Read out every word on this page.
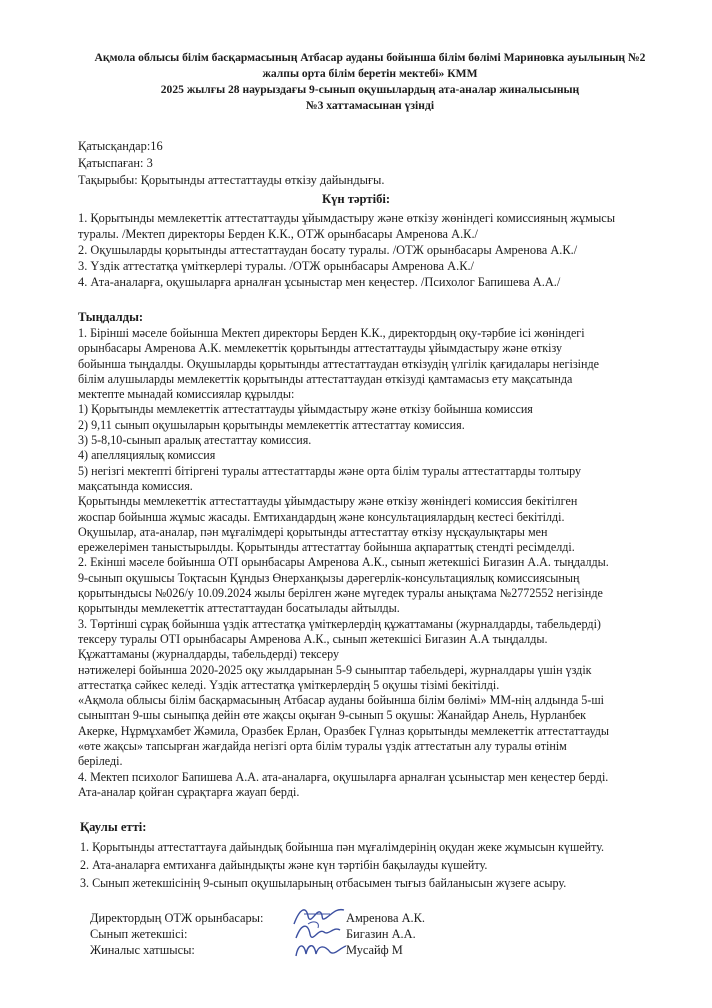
Ақмола облысы білім басқармасының Атбасар ауданы бойынша білім бөлімі Мариновка ауылының №2
жалпы орта білім беретін мектебі» КММ
2025 жылғы 28 наурыздағы 9-сынып оқушылардың ата-аналар жиналысының
№3 хаттамасынан үзінді
Қатысқандар:16
Қатыспаған: 3
Тақырыбы: Қорытынды аттестаттауды өткізу дайындығы.
Күн тәртібі:
1. Қорытынды мемлекеттік аттестаттауды ұйымдастыру және өткізу жөніндегі комиссияның жұмысы
туралы. /Мектеп директоры Берден К.К., ОТЖ орынбасары Амренова А.К./
2. Оқушыларды қорытынды аттестаттаудан босату туралы. /ОТЖ орынбасары Амренова А.К./
3. Үздік аттестатқа үміткерлері туралы. /ОТЖ орынбасары Амренова А.К./
4. Ата-аналарға, оқушыларға арналған ұсыныстар мен кеңестер. /Психолог Бапишева А.А./
Тыңдалды:
1. Бірінші мәселе бойынша Мектеп директоры Берден К.К., директордың оқу-тәрбие ісі жөніндегі
орынбасары Амренова А.К. мемлекеттік қорытынды аттестаттауды ұйымдастыру және өткізу
бойынша тыңдалды. Оқушыларды қорытынды аттестаттаудан өткізудің үлгілік қағидалары негізінде
білім алушыларды мемлекеттік қорытынды аттестаттаудан өткізуді қамтамасыз ету мақсатында
мектепте мынадай комиссиялар құрылды:
1) Қорытынды мемлекеттік аттестаттауды ұйымдастыру және өткізу бойынша комиссия
2) 9,11 сынып оқушыларын қорытынды мемлекеттік аттестаттау комиссия.
3) 5-8,10-сынып аралық атестаттау комиссия.
4) апелляциялық комиссия
5) негізгі мектепті бітіргені туралы аттестаттарды және орта білім туралы аттестаттарды толтыру
мақсатында комиссия.
Қорытынды мемлекеттік аттестаттауды ұйымдастыру және өткізу жөніндегі комиссия бекітілген
жоспар бойынша жұмыс жасады. Емтихандардың және консультациялардың кестесі бекітілді.
Оқушылар, ата-аналар, пән мұғалімдері қорытынды аттестаттау өткізу нұсқаулықтары мен
ережелерімен таныстырылды. Қорытынды аттестаттау бойынша ақпараттық стендті ресімделді.
2. Екінші мәселе бойынша ОТІ орынбасары Амренова А.К., сынып жетекшісі Бигазин А.А. тыңдалды.
9-сынып оқушысы Тоқтасын Құндыз Өнерханқызы дәрегерлік-консультациялық комиссиясының
қорытындысы №026/у 10.09.2024 жылы берілген және мүгедек туралы анықтама №2772552 негізінде
қорытынды мемлекеттік аттестаттаудан босатылады айтылды.
3. Төртінші сұрақ бойынша үздік аттестатқа үміткерлердің құжаттаманы (журналдарды, табельдерді)
тексеру туралы ОТІ орынбасары Амренова А.К., сынып жетекшісі Бигазин А.А тыңдалды.
Құжаттаманы (журналдарды, табельдерді) тексеру
нәтижелері бойынша 2020-2025 оқу жылдарынан 5-9 сыныптар табельдері, журналдары үшін үздік
аттестатқа сәйкес келеді. Үздік аттестатқа үміткерлердің 5 оқушы тізімі бекітілді.
«Ақмола облысы білім басқармасының Атбасар ауданы бойынша білім бөлімі» ММ-нің алдында 5-ші
сыныптан 9-шы сыныпқа дейін өте жақсы оқыған 9-сынып 5 оқушы: Жанайдар Анель, Нурланбек
Акерке, Нұрмұхамбет Жәмила, Оразбек Ерлан, Оразбек Гүлназ қорытынды мемлекеттік аттестаттауды
«өте жақсы» тапсырған жағдайда негізгі орта білім туралы үздік аттестатын алу туралы өтінім
беріледі.
4. Мектеп психолог Бапишева А.А. ата-аналарға, оқушыларға арналған ұсыныстар мен кеңестер берді.
Ата-аналар қойған сұрақтарға жауап берді.
Қаулы етті:
1. Қорытынды аттестаттауға дайындық бойынша пән мұғалімдерінің оқудан жеке жұмысын күшейту.
2. Ата-аналарға емтиханға дайындықты және күн тәртібін бақылауды күшейту.
3. Сынып жетекшісінің 9-сынып оқушыларының отбасымен тығыз байланысын жүзеге асыру.
Директордың ОТЖ орынбасары:	Амренова А.К.
Сынып жетекшісі:	Бигазин А.А.
Жиналыс хатшысы:	Мусайф М
